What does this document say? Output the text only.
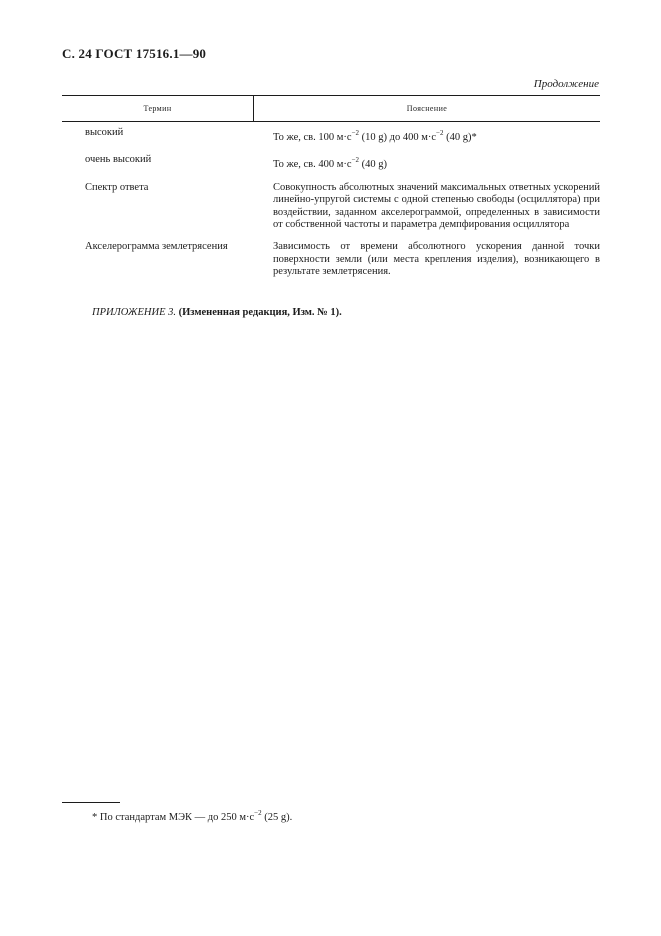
С. 24 ГОСТ 17516.1—90
Продолжение
Термин	Пояснение
высокий	То же, св. 100 $м\cdot с^{-2}$ (10 g) до 400 $м\cdot с^{-2}$ (40 g)*
очень высокий	То же, св. 400 $м\cdot с^{-2}$ (40 g)
Спектр ответа	Совокупность абсолютных значений максимальных ответных ускорений линейно-упругой системы с одной степенью свободы (осциллятора) при воздействии, заданном акселерограммой, определенных в зависимости от собственной частоты и параметра демпфирования осциллятора
Акселерограмма землетрясения	Зависимость от времени абсолютного ускорения данной точки поверхности земли (или места крепления изделия), возникающего в результате землетрясения.
ПРИЛОЖЕНИЕ 3. (Измененная редакция, Изм. № 1).
* По стандартам МЭК — до 250 $м\cdot с^{-2}$ (25 g).
